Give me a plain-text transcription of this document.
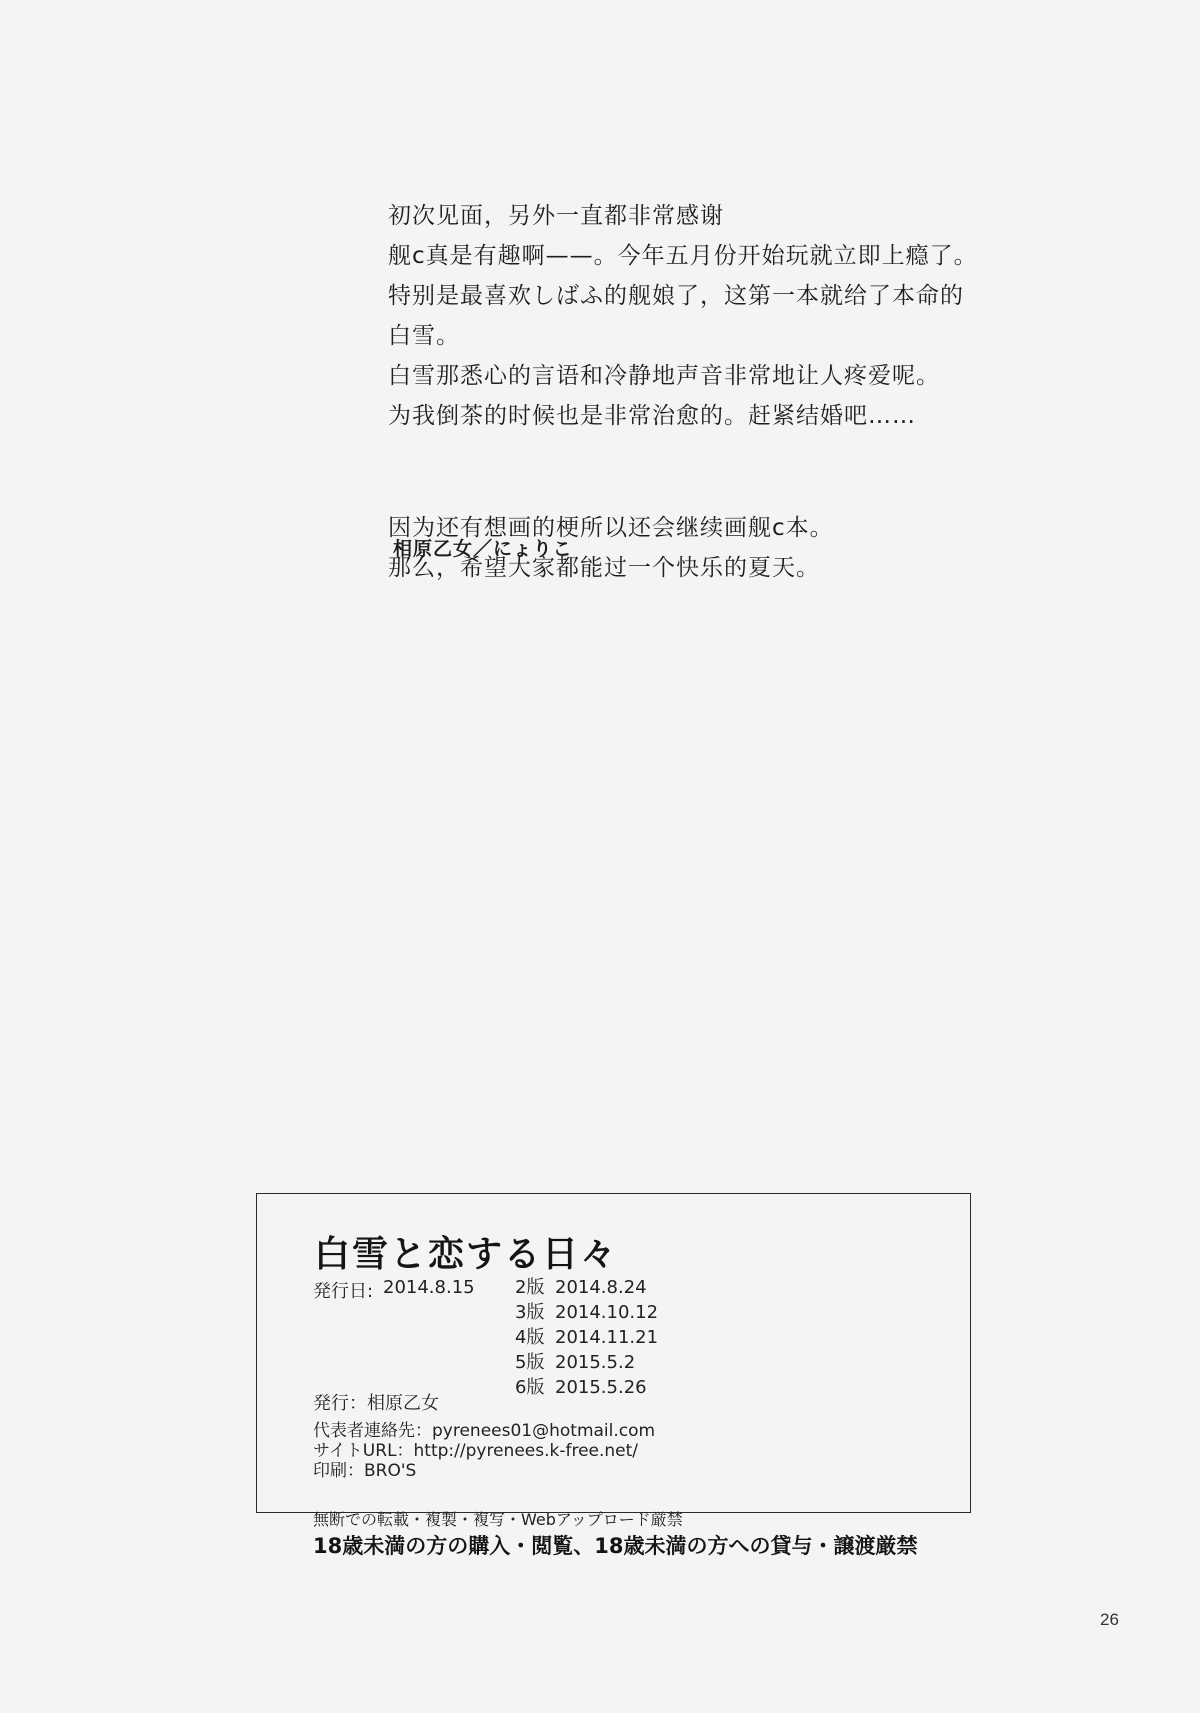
初次见面，另外一直都非常感谢
舰c真是有趣啊——。今年五月份开始玩就立即上瘾了。
特别是最喜欢しばふ的舰娘了，这第一本就给了本命的
白雪。
白雪那悉心的言语和冷静地声音非常地让人疼爱呢。
为我倒茶的时候也是非常治愈的。赶紧结婚吧……
因为还有想画的梗所以还会继续画舰c本。
那么，希望大家都能过一个快乐的夏天。
相原乙女／にょりこ
白雪と恋する日々
発行日: 2014.8.15 2版 2014.8.24
3版 2014.10.12
4版 2014.11.21
5版 2015.5.2
6版 2015.5.26
発行：相原乙女
代表者連絡先：pyrenees01@hotmail.com
サイトURL：http://pyrenees.k-free.net/
印刷：BRO'S
無断での転載・複製・複写・Webアップロード厳禁
18歳未満の方の購入・閲覧、18歳未満の方への貸与・譲渡厳禁
26
